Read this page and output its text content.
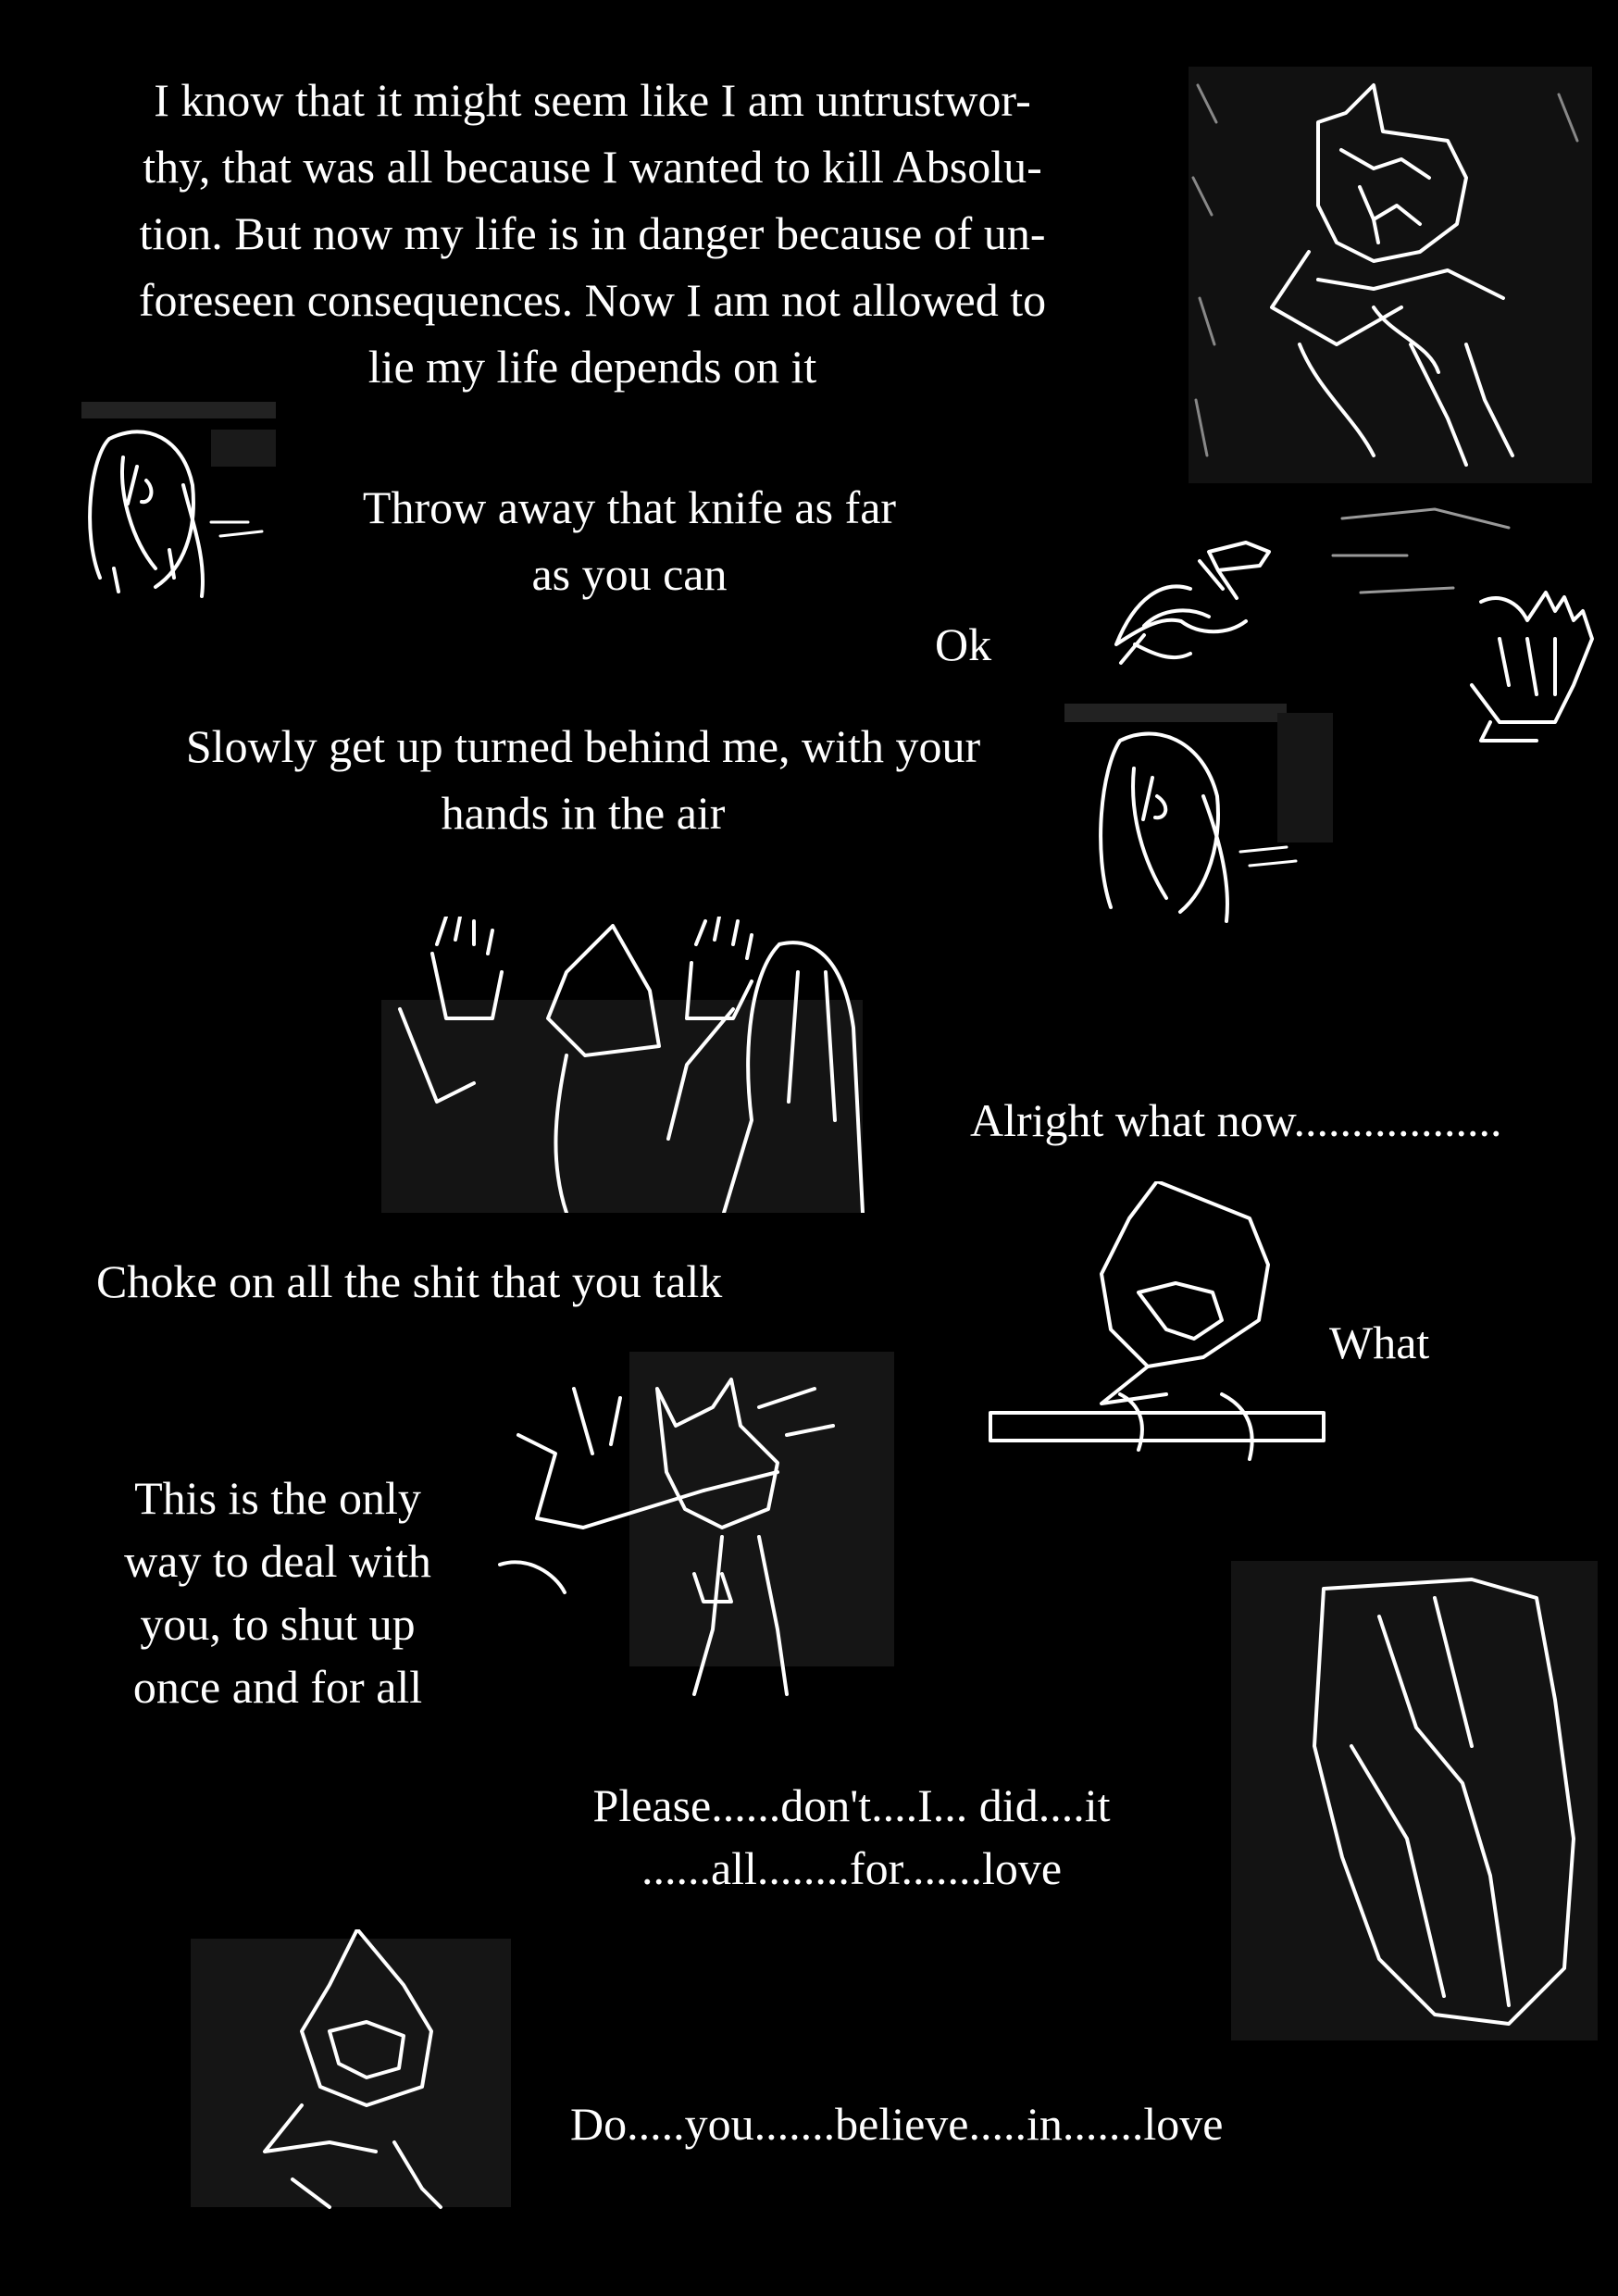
I know that it might seem like I am untrustwor-
thy, that was all because I wanted to kill Absolu-
tion. But now my life is in danger because of un-
foreseen consequences. Now I am not allowed to
lie my life depends on it
Throw away that knife as far
as you can
Ok
Slowly get up turned behind me, with your
hands in the air
Alright what now..................
Choke on all the shit that you talk
What
This is the only
way to deal with
you, to shut up
once and for all
Please......don't....I... did....it
......all........for.......love
Do.....you.......believe.....in.......love
